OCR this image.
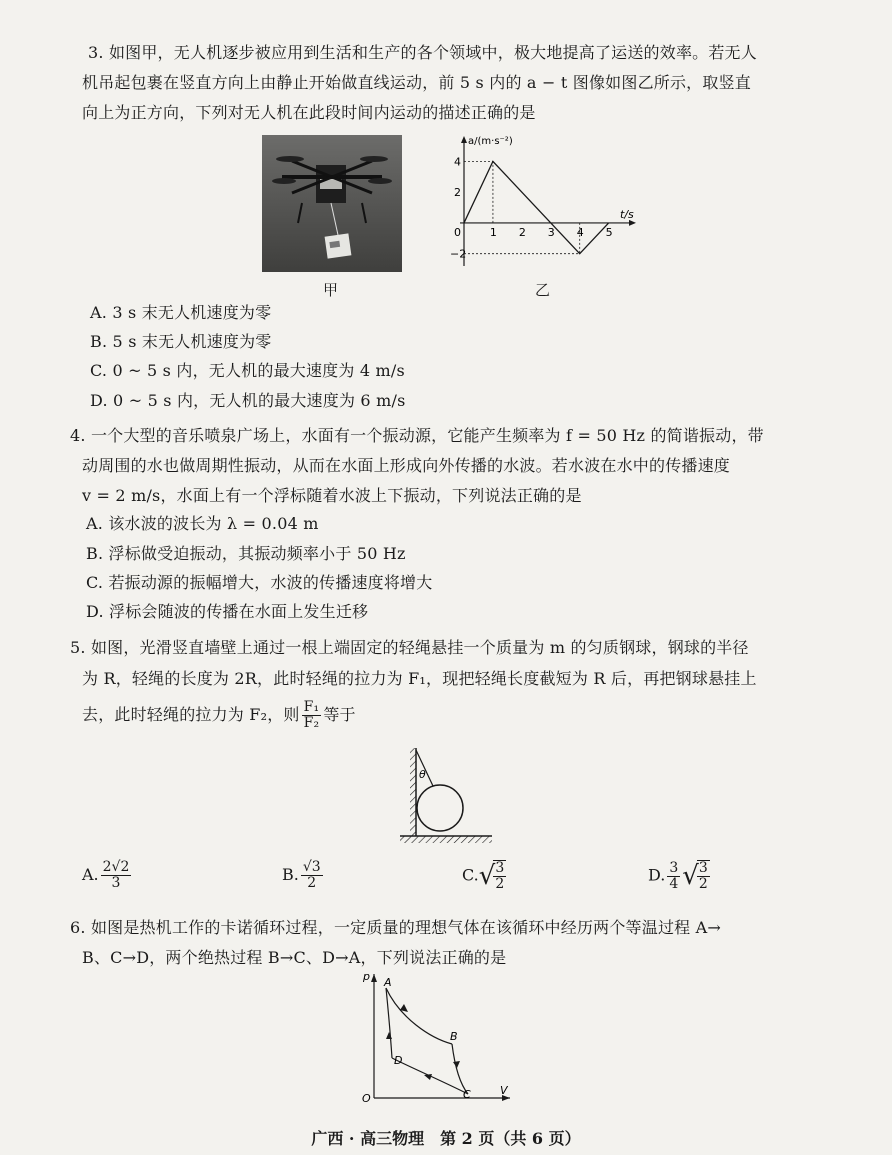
3. 如图甲，无人机逐步被应用到生活和生产的各个领域中，极大地提高了运送的效率。若无人
机吊起包裹在竖直方向上由静止开始做直线运动，前 5 s 内的 a − t 图像如图乙所示，取竖直
向上为正方向，下列对无人机在此段时间内运动的描述正确的是
甲
1 2 3 4 5
4
2
−2
a/(m·s⁻²)
t/s
0
乙
A. 3 s 末无人机速度为零
B. 5 s 末无人机速度为零
C. 0 ~ 5 s 内，无人机的最大速度为 4 m/s
D. 0 ~ 5 s 内，无人机的最大速度为 6 m/s
4. 一个大型的音乐喷泉广场上，水面有一个振动源，它能产生频率为 f = 50 Hz 的简谐振动，带
动周围的水也做周期性振动，从而在水面上形成向外传播的水波。若水波在水中的传播速度
v = 2 m/s，水面上有一个浮标随着水波上下振动，下列说法正确的是
A. 该水波的波长为 λ = 0.04 m
B. 浮标做受迫振动，其振动频率小于 50 Hz
C. 若振动源的振幅增大，水波的传播速度将增大
D. 浮标会随波的传播在水面上发生迁移
5. 如图，光滑竖直墙壁上通过一根上端固定的轻绳悬挂一个质量为 m 的匀质钢球，钢球的半径
为 R，轻绳的长度为 2R，此时轻绳的拉力为 F₁，现把轻绳长度截短为 R 后，再把钢球悬挂上
去，此时轻绳的拉力为 F₂，则 $\frac{\text{F₁}}{\text{F₂}}$ 等于
θ
A. $\frac{2√2}{3}$	B. $\frac{√3}{2}$	C.√
$\frac{3}{2}$	D. $\frac{3}{4}$ √
$\frac{3}{2}$
6. 如图是热机工作的卡诺循环过程，一定质量的理想气体在该循环中经历两个等温过程 A→
B、C→D，两个绝热过程 B→C、D→A，下列说法正确的是
p
V
O
A
B
C
D
广西 · 高三物理　第 2 页（共 6 页）
